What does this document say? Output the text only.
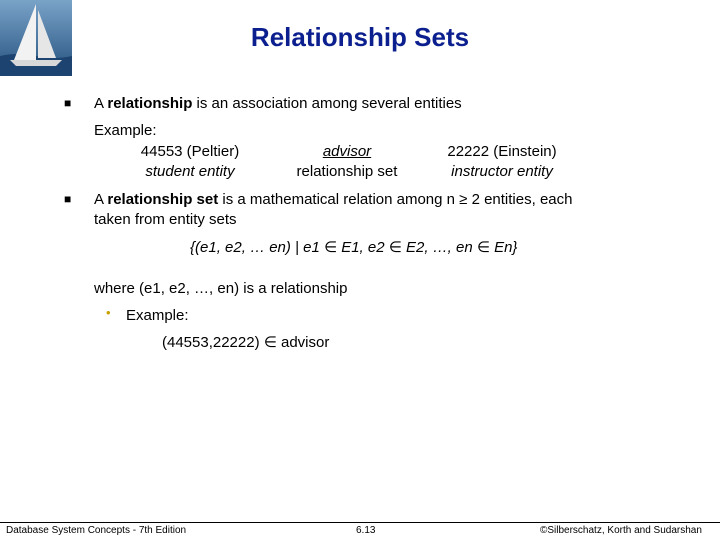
Relationship Sets
■ A relationship is an association among several entities
Example:
44553 (Peltier)
student entity
advisor
relationship set
22222 (Einstein)
instructor entity
■ A relationship set is a mathematical relation among n ≥ 2 entities, each
taken from entity sets
{(e1, e2, … en) | e1 ∈ E1, e2 ∈ E2, …, en ∈ En}
where (e1, e2, …, en) is a relationship
• Example:
(44553,22222) ∈ advisor
Database System Concepts - 7th Edition	6.13	©Silberschatz, Korth and Sudarshan
